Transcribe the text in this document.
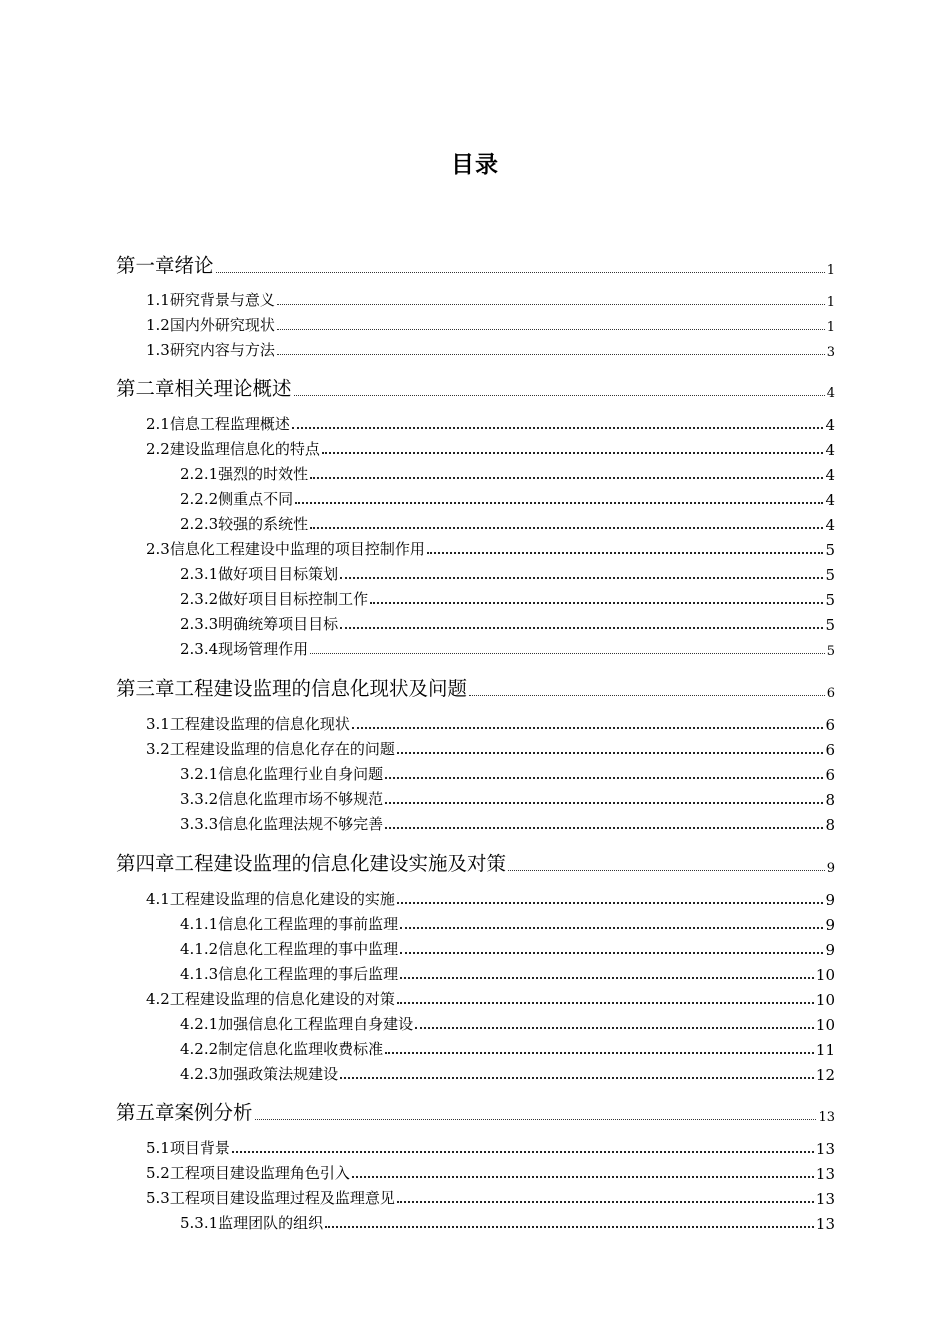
目录
第一章绪论	1
1.1研究背景与意义	1
1.2国内外研究现状	1
1.3研究内容与方法	3
第二章相关理论概述	4
2.1信息工程监理概述	4
2.2建设监理信息化的特点	4
2.2.1强烈的时效性	4
2.2.2侧重点不同	4
2.2.3较强的系统性	4
2.3信息化工程建设中监理的项目控制作用	5
2.3.1做好项目目标策划	5
2.3.2做好项目目标控制工作	5
2.3.3明确统筹项目目标	5
2.3.4现场管理作用	5
第三章工程建设监理的信息化现状及问题	6
3.1工程建设监理的信息化现状	6
3.2工程建设监理的信息化存在的问题	6
3.2.1信息化监理行业自身问题	6
3.3.2信息化监理市场不够规范	8
3.3.3信息化监理法规不够完善	8
第四章工程建设监理的信息化建设实施及对策	9
4.1工程建设监理的信息化建设的实施	9
4.1.1信息化工程监理的事前监理	9
4.1.2信息化工程监理的事中监理	9
4.1.3信息化工程监理的事后监理	10
4.2工程建设监理的信息化建设的对策	10
4.2.1加强信息化工程监理自身建设	10
4.2.2制定信息化监理收费标准	11
4.2.3加强政策法规建设	12
第五章案例分析	13
5.1项目背景	13
5.2工程项目建设监理角色引入	13
5.3工程项目建设监理过程及监理意见	13
5.3.1监理团队的组织	13
